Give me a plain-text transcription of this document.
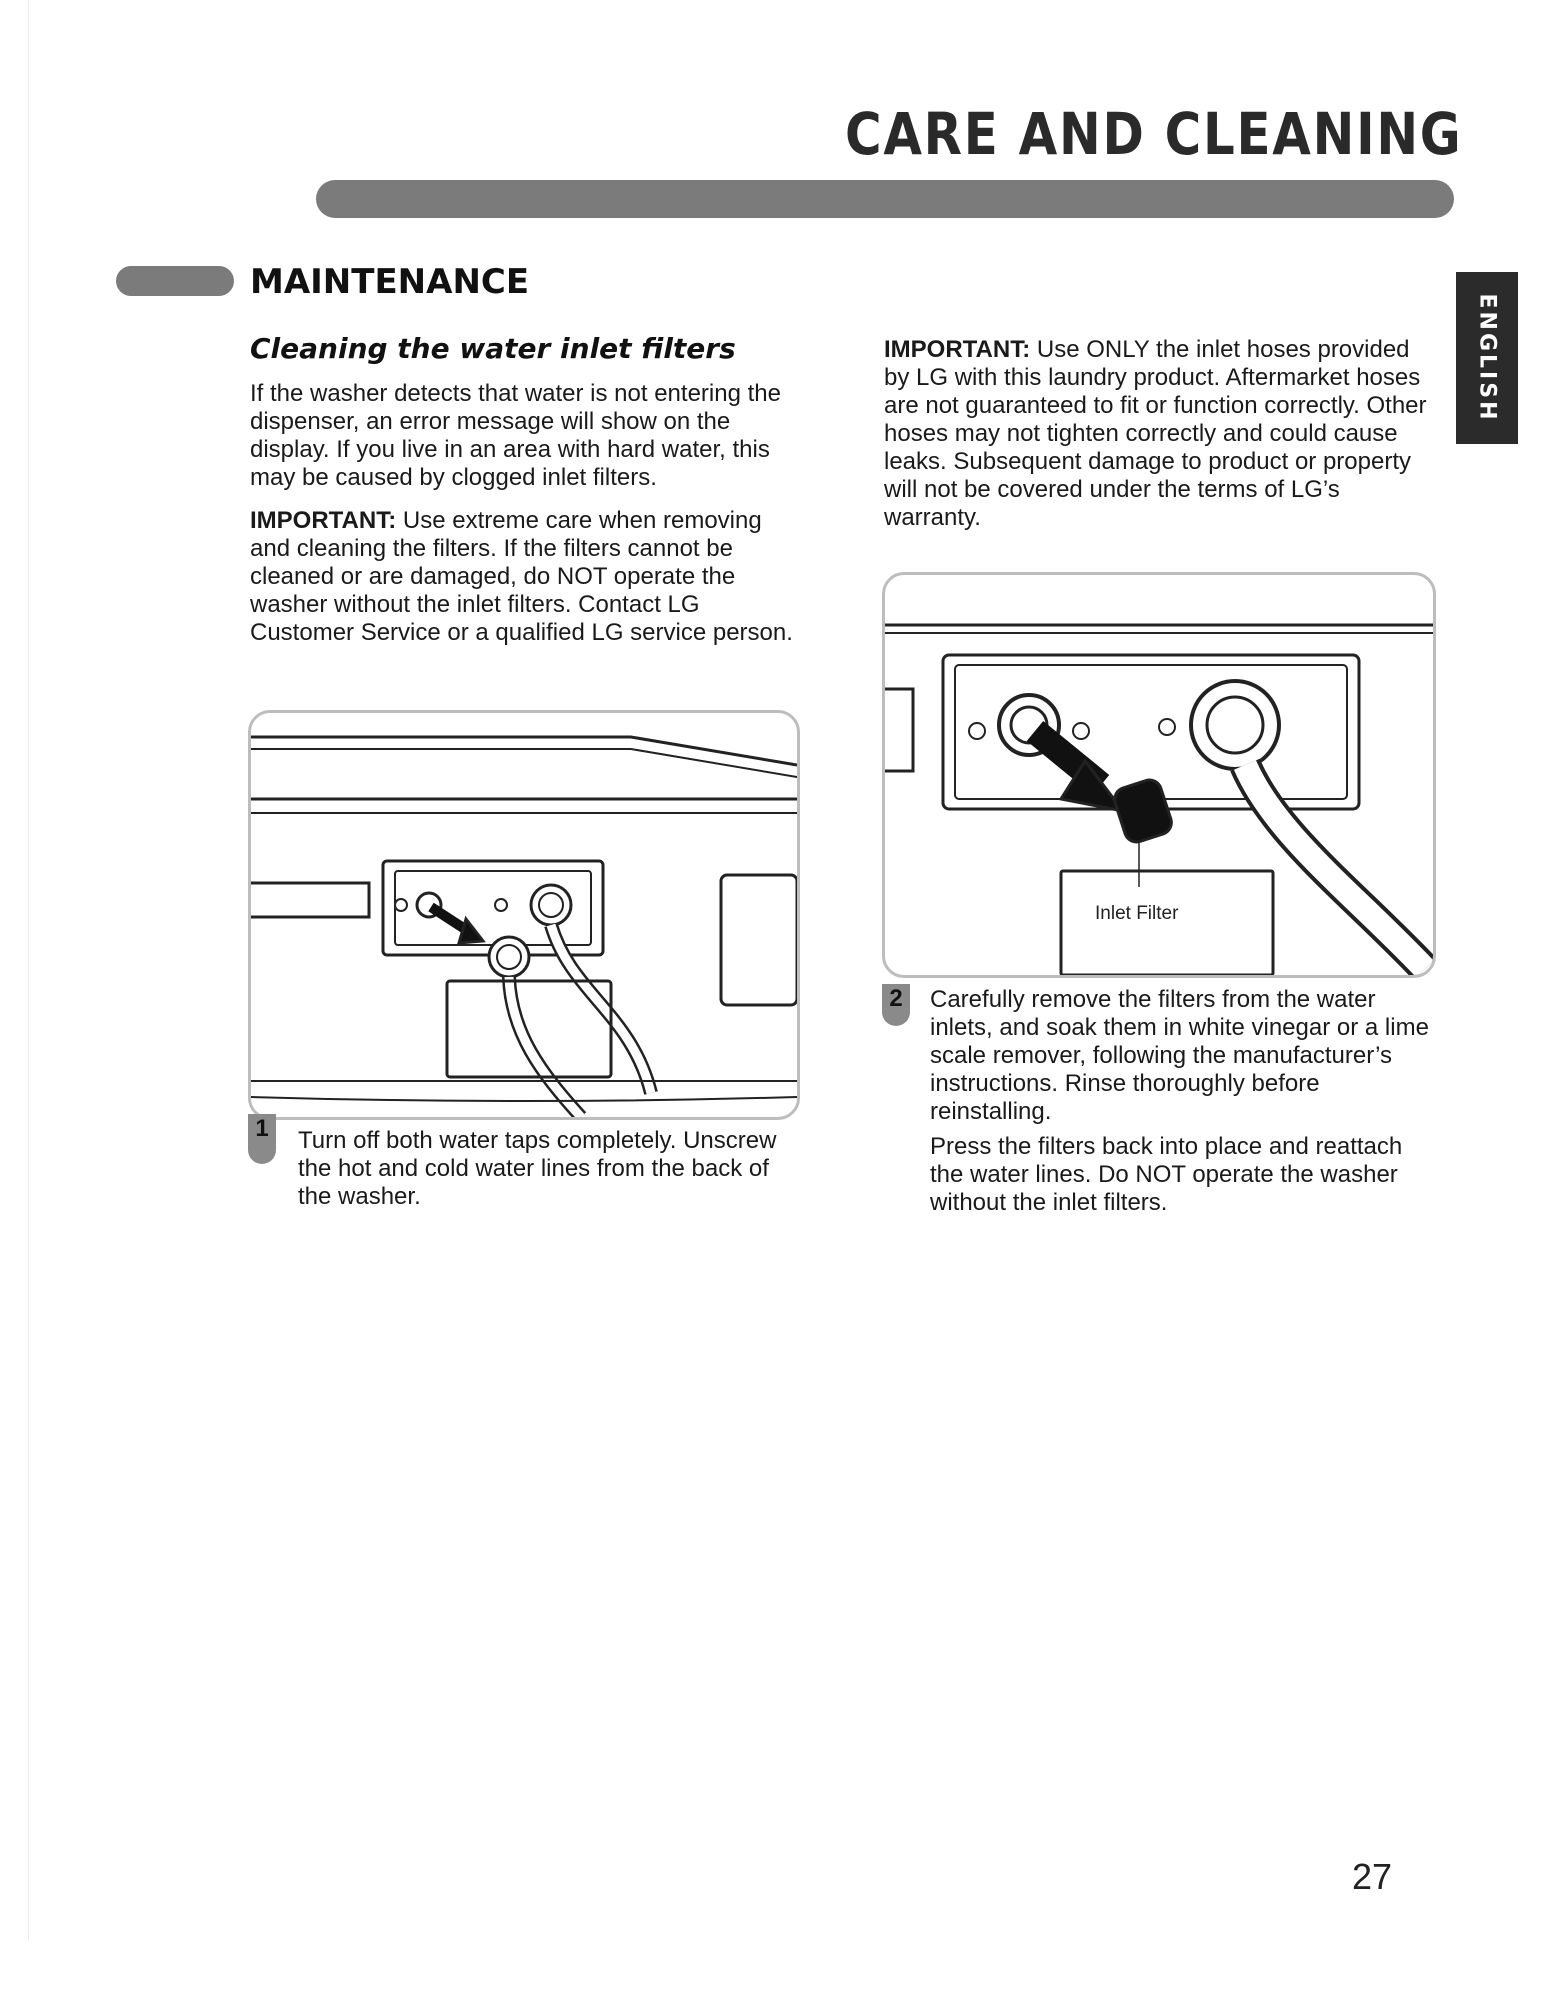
CARE AND CLEANING
ENGLISH
MAINTENANCE
Cleaning the water inlet filters
If the washer detects that water is not entering the dispenser, an error message will show on the display. If you live in an area with hard water, this may be caused by clogged inlet filters.
IMPORTANT: Use extreme care when removing and cleaning the filters. If the filters cannot be cleaned or are damaged, do NOT operate the washer without the inlet filters. Contact LG Customer Service or a qualified LG service person.
IMPORTANT: Use ONLY the inlet hoses provided by LG with this laundry product. Aftermarket hoses are not guaranteed to fit or function correctly. Other hoses may not tighten correctly and could cause leaks. Subsequent damage to product or property will not be covered under the terms of LG’s warranty.
1	Turn off both water taps completely. Unscrew the hot and cold water lines from the back of the washer.
Inlet Filter
2	Carefully remove the filters from the water inlets, and soak them in white vinegar or a lime scale remover, following the manufacturer’s instructions. Rinse thoroughly before reinstalling.
Press the filters back into place and reattach the water lines. Do NOT operate the washer without the inlet filters.
27
